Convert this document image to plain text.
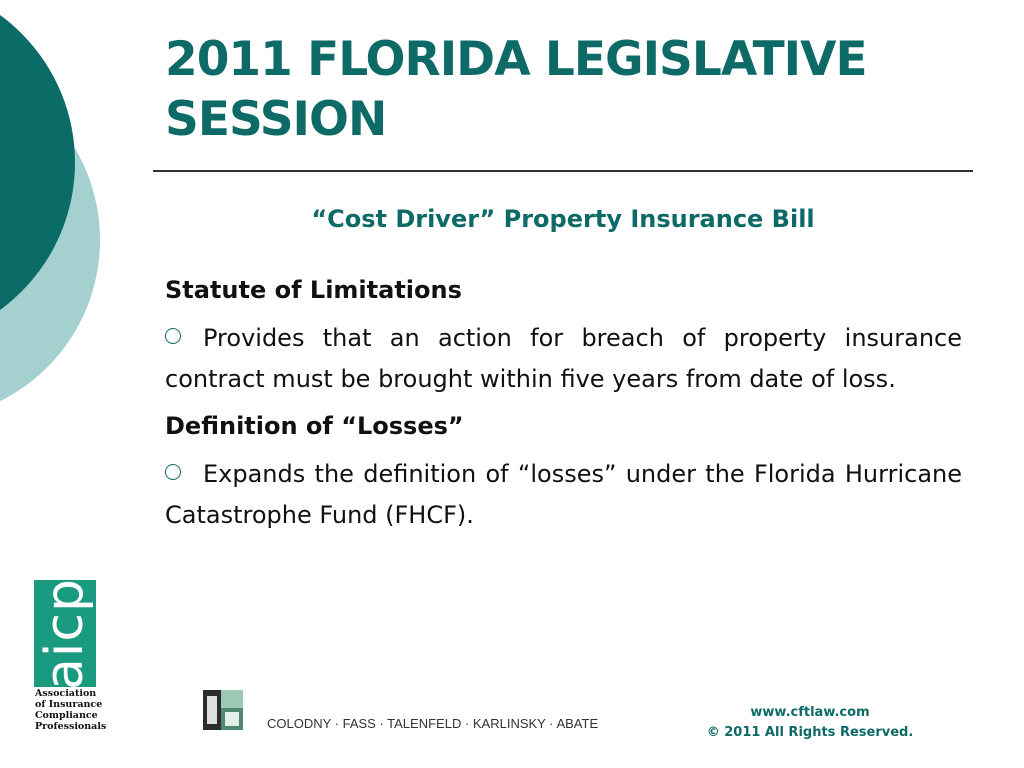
2011 FLORIDA LEGISLATIVE SESSION
“Cost Driver” Property Insurance Bill

Statute of Limitations

Provides that an action for breach of property insurance contract must be brought within five years from date of loss.

Definition of “Losses”

Expands the definition of “losses” under the Florida Hurricane Catastrophe Fund (FHCF).

aicp
Association
of Insurance
Compliance
Professionals	COLODNY · FASS · TALENFELD · KARLINSKY · ABATE
www.cftlaw.com
© 2011 All Rights Reserved.
